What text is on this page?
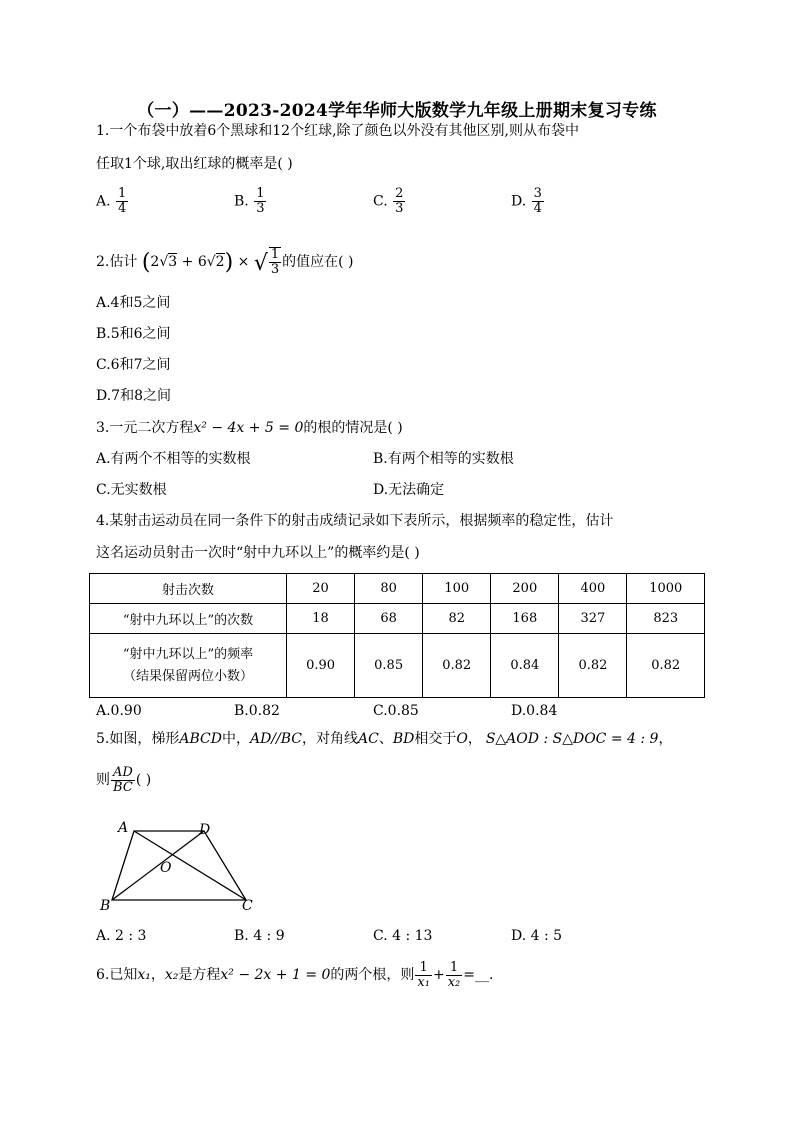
（一）——2023-2024学年华师大版数学九年级上册期末复习专练
1.一个布袋中放着6个黑球和12个红球,除了颜色以外没有其他区别,则从布袋中
任取1个球,取出红球的概率是( )
A. $\frac{1}{4}$	B. $\frac{1}{3}$	C. $\frac{2}{3}$	D. $\frac{3}{4}$
2.估计 (2√3 + 6√2) × √ $\frac{1}{3}$ 的值应在( )
A.4和5之间
B.5和6之间
C.6和7之间
D.7和8之间
3.一元二次方程x² − 4x + 5 = 0的根的情况是( )
A.有两个不相等的实数根	B.有两个相等的实数根
C.无实数根	D.无法确定
4.某射击运动员在同一条件下的射击成绩记录如下表所示，根据频率的稳定性，估计
这名运动员射击一次时“射中九环以上”的概率约是( )
射击次数	20	80	100	200	400	1000
“射中九环以上”的次数	18	68	82	168	327	823

“射中九环以上”的频率
（结果保留两位小数）	0.90	0.85	0.82	0.84	0.82	0.82
A.0.90	B.0.82	C.0.85	D.0.84
5.如图，梯形ABCD中，AD//BC，对角线AC、BD相交于O， S△AOD : S△DOC = 4 : 9，
则 $\frac{AD}{BC}$ ( )
A	D
O
B	C
A. 2 : 3	B. 4 : 9	C. 4 : 13	D. 4 : 5
6.已知x₁，x₂是方程x² − 2x + 1 = 0的两个根，则 $\frac{1}{\text{x₁}} + \frac{1}{\text{x₂}}$ =__.
